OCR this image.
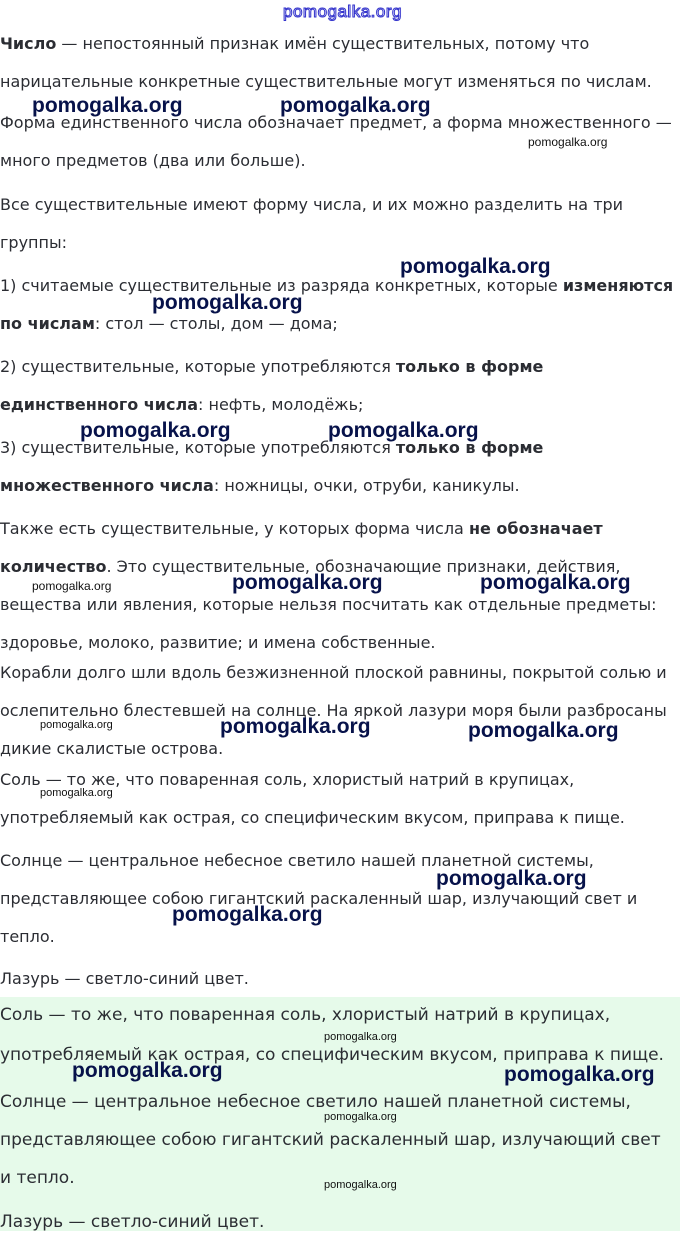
Число — непостоянный признак имён существительных, потому что нарицательные конкретные существительные могут изменяться по числам.

Форма единственного числа обозначает предмет, а форма множественного — много предметов (два или больше).

Все существительные имеют форму числа, и их можно разделить на три группы:

1) считаемые существительные из разряда конкретных, которые изменяются по числам: стол — столы, дом — дома;

2) существительные, которые употребляются только в форме единственного числа: нефть, молодёжь;

3) существительные, которые употребляются только в форме множественного числа: ножницы, очки, отруби, каникулы.

Также есть существительные, у которых форма числа не обозначает количество. Это существительные, обозначающие признаки, действия, вещества или явления, которые нельзя посчитать как отдельные предметы: здоровье, молоко, развитие; и имена собственные.

Корабли долго шли вдоль безжизненной плоской равнины, покрытой солью и ослепительно блестевшей на солнце. На яркой лазури моря были разбросаны дикие скалистые острова.

Соль — то же, что поваренная соль, хлористый натрий в крупицах, употребляемый как острая, со специфическим вкусом, приправа к пище.

Солнце — центральное небесное светило нашей планетной системы, представляющее собою гигантский раскаленный шар, излучающий свет и тепло.

Лазурь — светло-синий цвет.

Соль — то же, что поваренная соль, хлористый натрий в крупицах, употребляемый как острая, со специфическим вкусом, приправа к пище.

Солнце — центральное небесное светило нашей планетной системы, представляющее собою гигантский раскаленный шар, излучающий свет и тепло.

Лазурь — светло-синий цвет.

pomogalka.org
pomogalka.org	pomogalka.org
pomogalka.org
pomogalka.org
pomogalka.org
pomogalka.org	pomogalka.org
pomogalka.org	pomogalka.org	pomogalka.org
pomogalka.org	pomogalka.org	pomogalka.org
pomogalka.org
pomogalka.org
pomogalka.org
pomogalka.org
pomogalka.org	pomogalka.org
pomogalka.org
pomogalka.org
